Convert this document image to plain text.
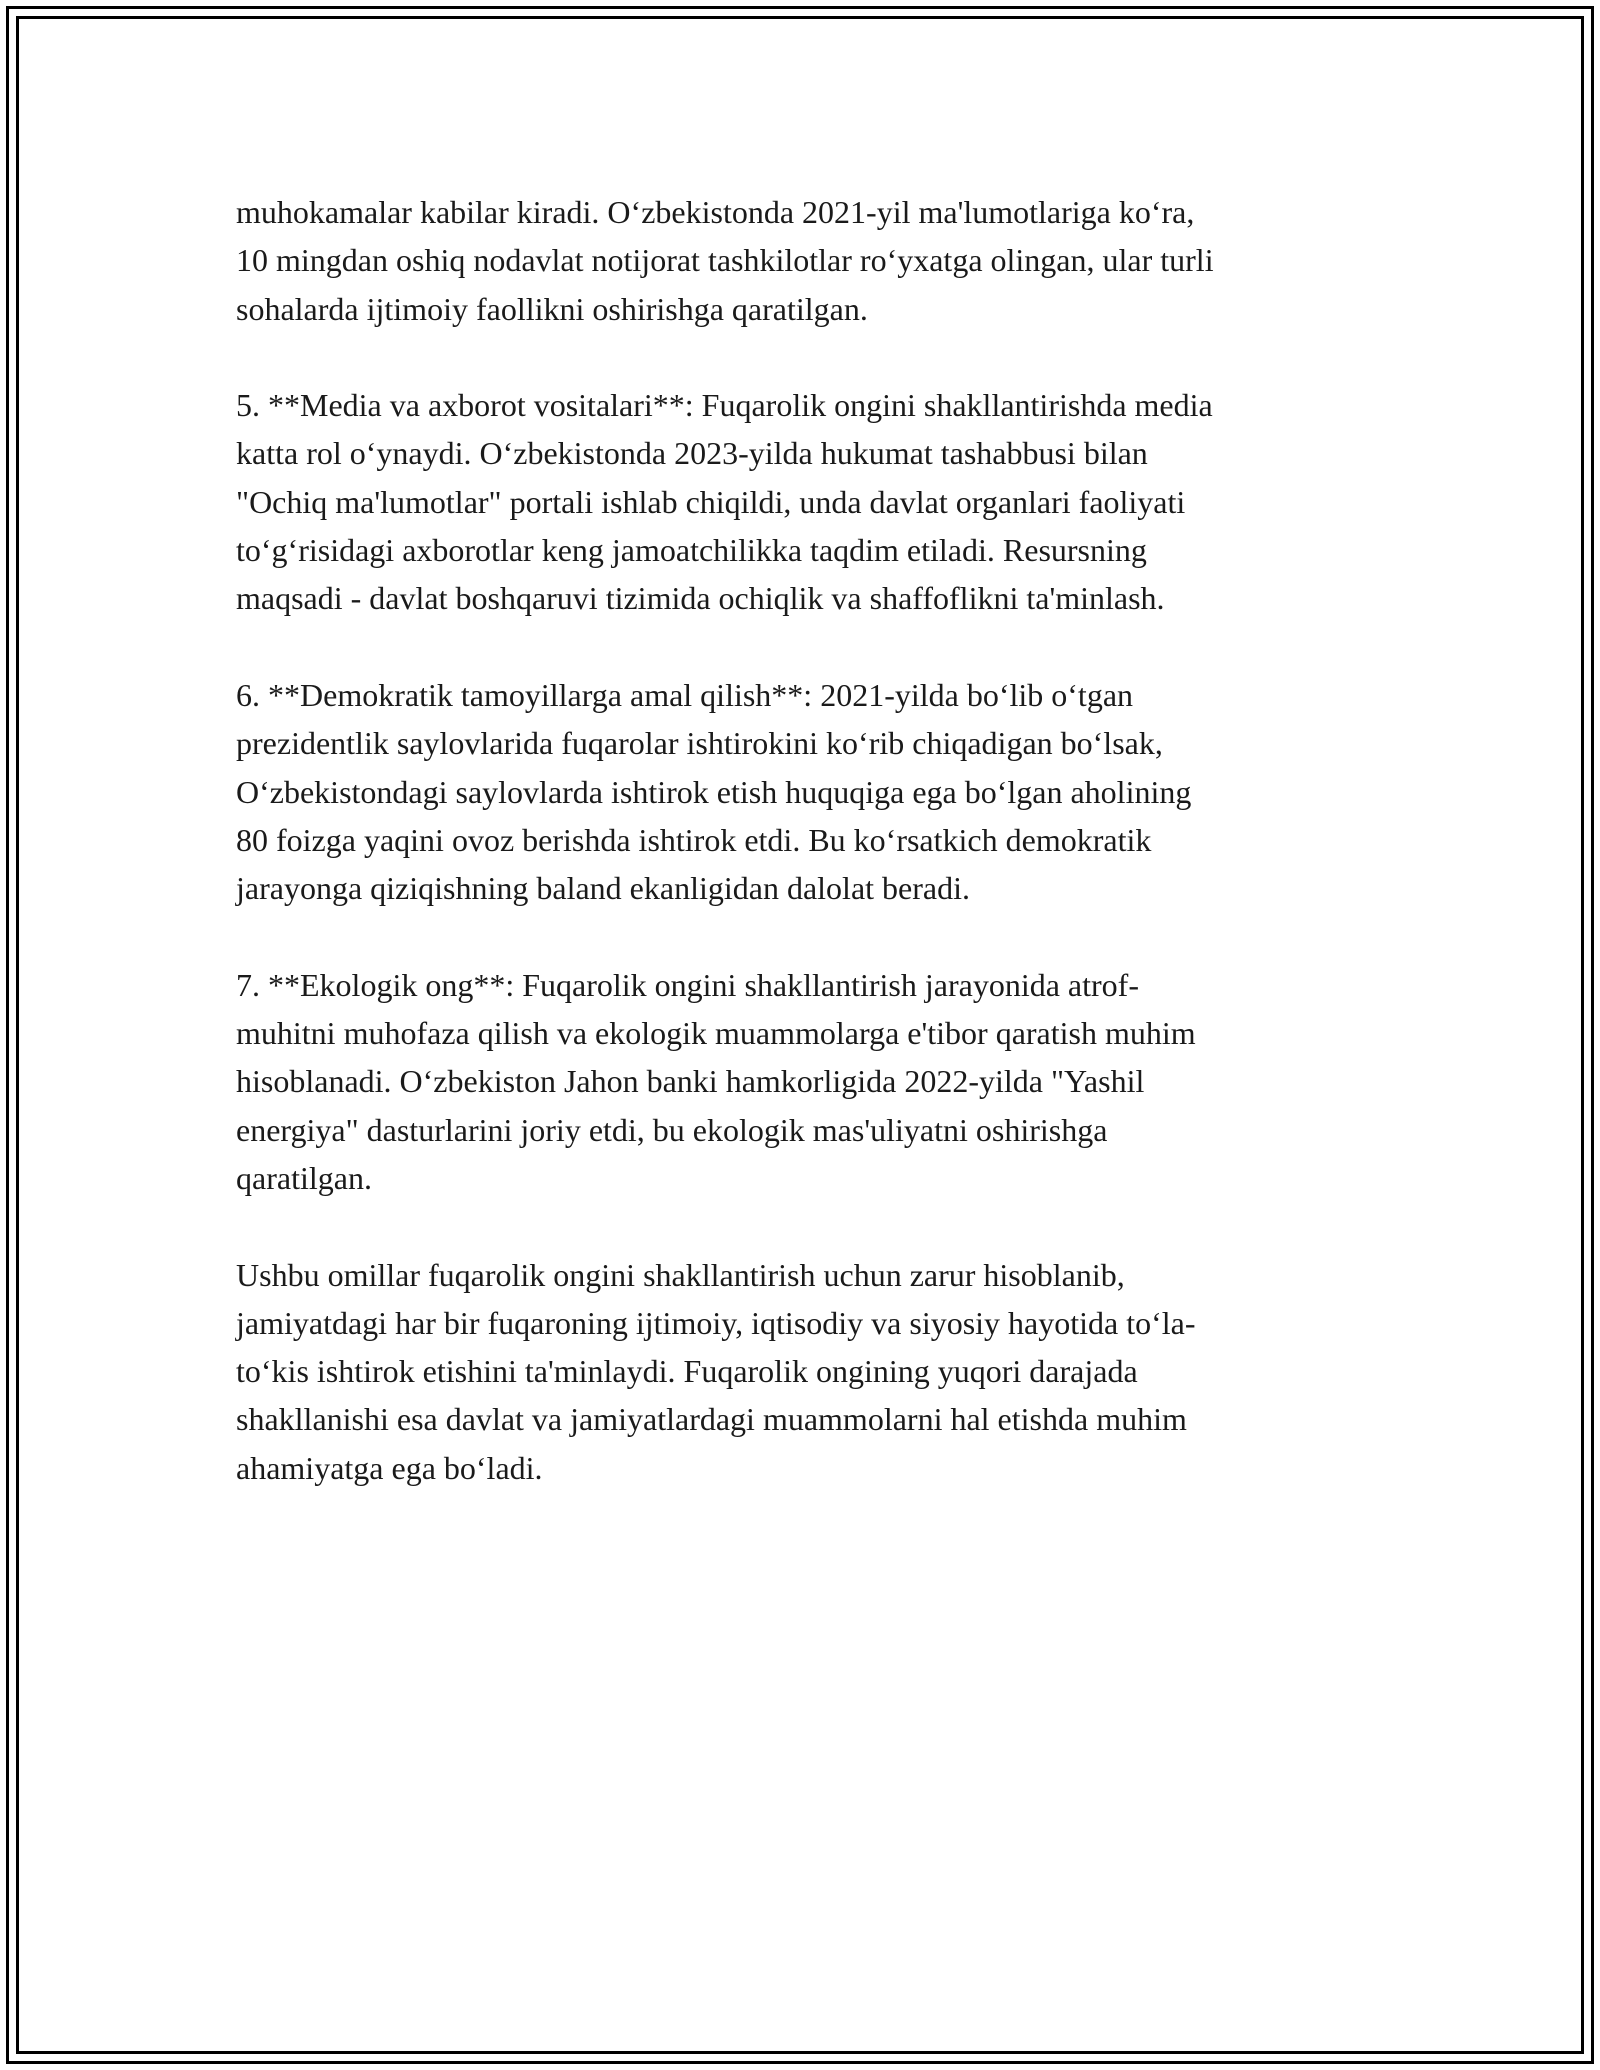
muhokamalar kabilar kiradi. O‘zbekistonda 2021-yil ma'lumotlariga ko‘ra,
10 mingdan oshiq nodavlat notijorat tashkilotlar ro‘yxatga olingan, ular turli
sohalarda ijtimoiy faollikni oshirishga qaratilgan.

5. **Media va axborot vositalari**: Fuqarolik ongini shakllantirishda media
katta rol o‘ynaydi. O‘zbekistonda 2023-yilda hukumat tashabbusi bilan
"Ochiq ma'lumotlar" portali ishlab chiqildi, unda davlat organlari faoliyati
to‘g‘risidagi axborotlar keng jamoatchilikka taqdim etiladi. Resursning
maqsadi - davlat boshqaruvi tizimida ochiqlik va shaffoflikni ta'minlash.

6. **Demokratik tamoyillarga amal qilish**: 2021-yilda bo‘lib o‘tgan
prezidentlik saylovlarida fuqarolar ishtirokini ko‘rib chiqadigan bo‘lsak,
O‘zbekistondagi saylovlarda ishtirok etish huquqiga ega bo‘lgan aholining
80 foizga yaqini ovoz berishda ishtirok etdi. Bu ko‘rsatkich demokratik
jarayonga qiziqishning baland ekanligidan dalolat beradi.

7. **Ekologik ong**: Fuqarolik ongini shakllantirish jarayonida atrof-
muhitni muhofaza qilish va ekologik muammolarga e'tibor qaratish muhim
hisoblanadi. O‘zbekiston Jahon banki hamkorligida 2022-yilda "Yashil
energiya" dasturlarini joriy etdi, bu ekologik mas'uliyatni oshirishga
qaratilgan.

Ushbu omillar fuqarolik ongini shakllantirish uchun zarur hisoblanib,
jamiyatdagi har bir fuqaroning ijtimoiy, iqtisodiy va siyosiy hayotida to‘la-
to‘kis ishtirok etishini ta'minlaydi. Fuqarolik ongining yuqori darajada
shakllanishi esa davlat va jamiyatlardagi muammolarni hal etishda muhim
ahamiyatga ega bo‘ladi.
